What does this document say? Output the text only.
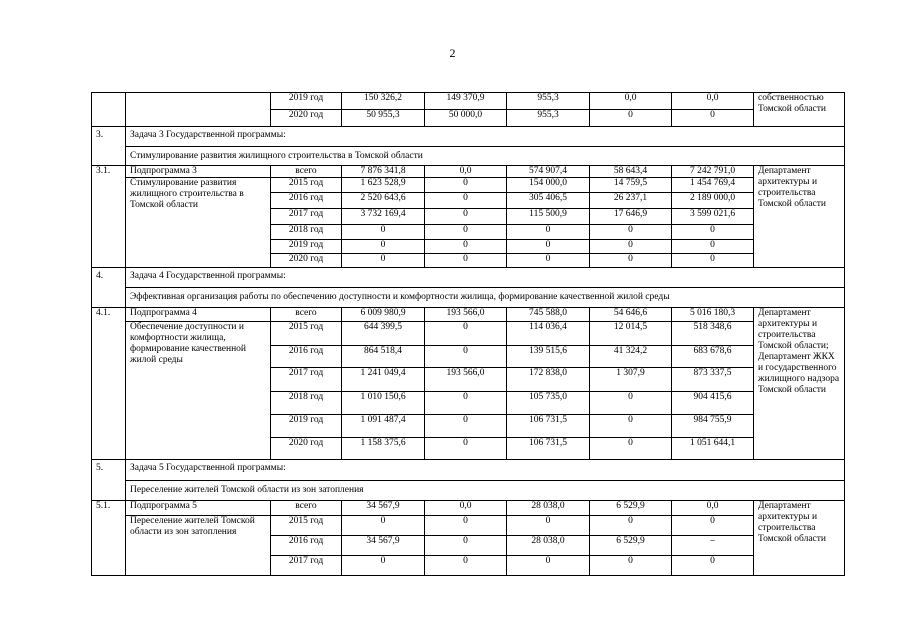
2
		2019 год	150 326,2	149 370,9	955,3	0,0	0,0	собственностью Томской области
		2020 год	50 955,3	50 000,0	955,3	0	0	
3.	Задача 3 Государственной программы:							
	Стимулирование развития жилищного строительства в Томской области							
3.1.	Подпрограмма 3	всего	7 876 341,8	0,0	574 907,4	58 643,4	7 242 791,0	Департамент архитектуры и строительства Томской области
	Стимулирование развития жилищного строительства в Томской области	2015 год	1 623 528,9	0	154 000,0	14 759,5	1 454 769,4	
		2016 год	2 520 643,6	0	305 406,5	26 237,1	2 189 000,0	
		2017 год	3 732 169,4	0	115 500,9	17 646,9	3 599 021,6	
		2018 год	0	0	0	0	0	
		2019 год	0	0	0	0	0	
		2020 год	0	0	0	0	0	
4.	Задача 4 Государственной программы:							
	Эффективная организация работы по обеспечению доступности и комфортности жилища, формирование качественной жилой среды							
4.1.	Подпрограмма 4	всего	6 009 980,9	193 566,0	745 588,0	54 646,6	5 016 180,3	Департамент архитектуры и строительства Томской области; Департамент ЖКХ и государственного жилищного надзора Томской области
	Обеспечение доступности и комфортности жилища, формирование качественной жилой среды	2015 год	644 399,5	0	114 036,4	12 014,5	518 348,6	
		2016 год	864 518,4	0	139 515,6	41 324,2	683 678,6	
		2017 год	1 241 049,4	193 566,0	172 838,0	1 307,9	873 337,5	
		2018 год	1 010 150,6	0	105 735,0	0	904 415,6	
		2019 год	1 091 487,4	0	106 731,5	0	984 755,9	
		2020 год	1 158 375,6	0	106 731,5	0	1 051 644,1	
5.	Задача 5 Государственной программы:							
	Переселение жителей Томской области из зон затопления							
5.1.	Подпрограмма 5	всего	34 567,9	0,0	28 038,0	6 529,9	0,0	Департамент архитектуры и строительства Томской области
	Переселение жителей Томской области из зон затопления	2015 год	0	0	0	0	0	
		2016 год	34 567,9	0	28 038,0	6 529,9	–	
		2017 год	0	0	0	0	0	
